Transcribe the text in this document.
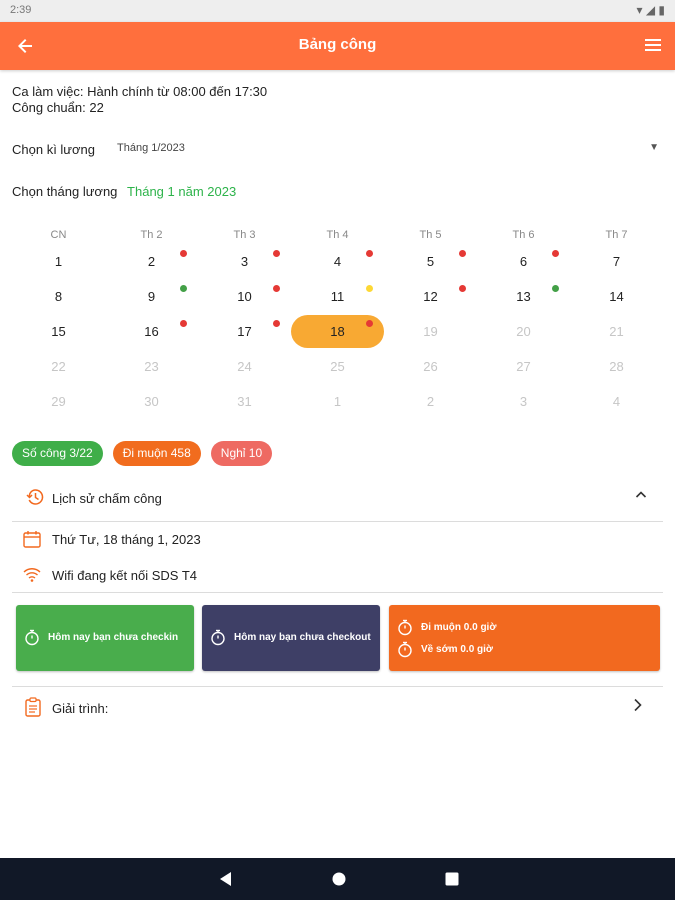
2:39	▾ ◢ ▮
Bảng công
Ca làm việc: Hành chính từ 08:00 đến 17:30
Công chuẩn: 22
Chọn kì lương Tháng 1/2023	▼
Chọn tháng lương Tháng 1 năm 2023
CN	Th 2	Th 3	Th 4	Th 5	Th 6	Th 7
1	2	3	4	5	6	7
8	9	10	11	12	13	14
15	16	17	18	19	20	21
22	23	24	25	26	27	28
29	30	31	1	2	3	4
Số công 3/22	Đi muộn 458	Nghỉ 10
Lịch sử chấm công
Thứ Tư, 18 tháng 1, 2023
Wifi đang kết nối SDS T4
Hôm nay bạn chưa checkin	Hôm nay bạn chưa checkout
Đi muộn 0.0 giờ
Về sớm 0.0 giờ
Giải trình:
